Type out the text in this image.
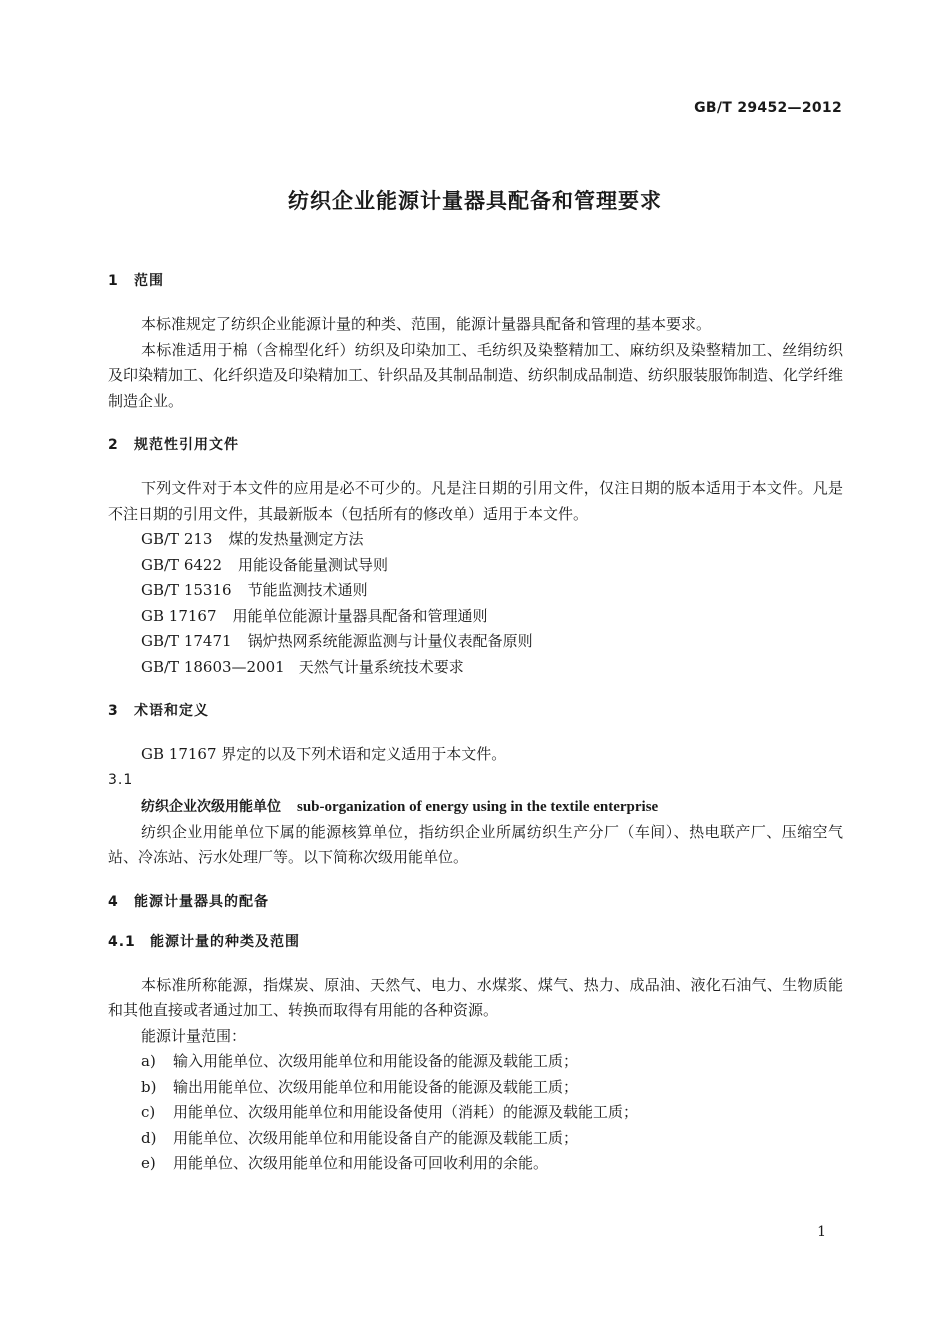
GB/T 29452—2012
纺织企业能源计量器具配备和管理要求
1 范围
本标准规定了纺织企业能源计量的种类、范围，能源计量器具配备和管理的基本要求。
本标准适用于棉（含棉型化纤）纺织及印染加工、毛纺织及染整精加工、麻纺织及染整精加工、丝绢纺织及印染精加工、化纤织造及印染精加工、针织品及其制品制造、纺织制成品制造、纺织服装服饰制造、化学纤维制造企业。
2 规范性引用文件
下列文件对于本文件的应用是必不可少的。凡是注日期的引用文件，仅注日期的版本适用于本文件。凡是不注日期的引用文件，其最新版本（包括所有的修改单）适用于本文件。
GB/T 213 煤的发热量测定方法
GB/T 6422 用能设备能量测试导则
GB/T 15316 节能监测技术通则
GB 17167 用能单位能源计量器具配备和管理通则
GB/T 17471 锅炉热网系统能源监测与计量仪表配备原则
GB/T 18603—2001 天然气计量系统技术要求
3 术语和定义
GB 17167 界定的以及下列术语和定义适用于本文件。
3.1
纺织企业次级用能单位 sub-organization of energy using in the textile enterprise
纺织企业用能单位下属的能源核算单位，指纺织企业所属纺织生产分厂（车间）、热电联产厂、压缩空气站、冷冻站、污水处理厂等。以下简称次级用能单位。
4 能源计量器具的配备
4.1 能源计量的种类及范围
本标准所称能源，指煤炭、原油、天然气、电力、水煤浆、煤气、热力、成品油、液化石油气、生物质能和其他直接或者通过加工、转换而取得有用能的各种资源。
能源计量范围：
a) 输入用能单位、次级用能单位和用能设备的能源及载能工质；
b) 输出用能单位、次级用能单位和用能设备的能源及载能工质；
c) 用能单位、次级用能单位和用能设备使用（消耗）的能源及载能工质；
d) 用能单位、次级用能单位和用能设备自产的能源及载能工质；
e) 用能单位、次级用能单位和用能设备可回收利用的余能。
1
